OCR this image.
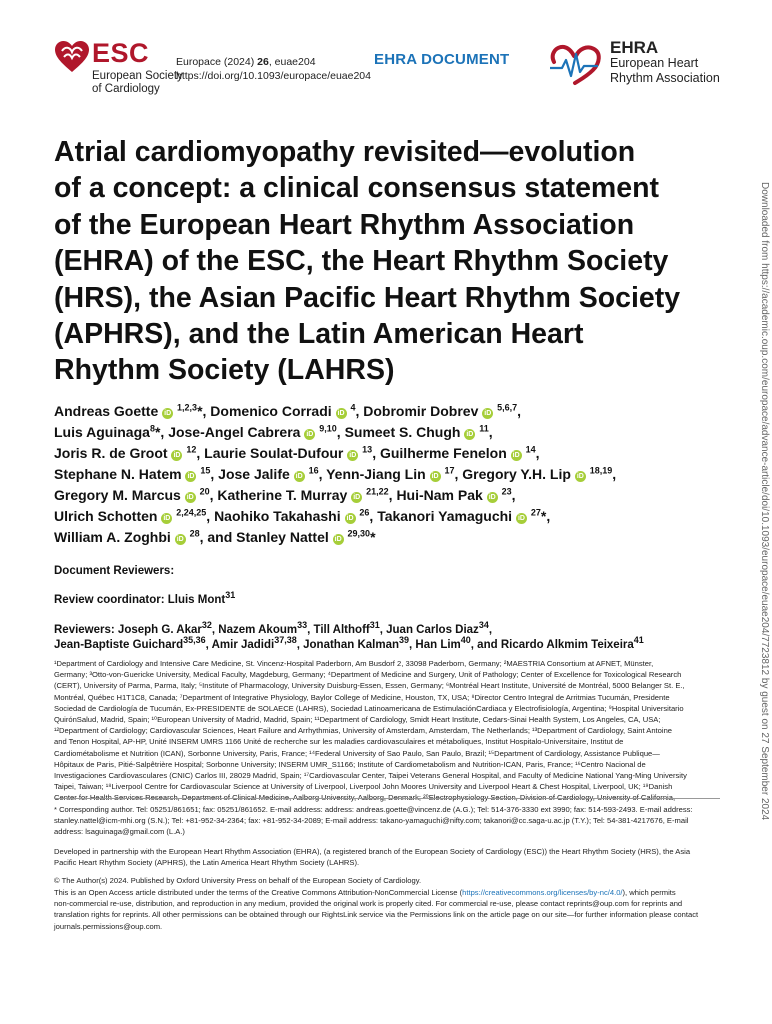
ESC
European Society
of Cardiology
Europace (2024) 26, euae204
https://doi.org/10.1093/europace/euae204
EHRA DOCUMENT
EHRA
European Heart
Rhythm Association
Downloaded from https://academic.oup.com/europace/advance-article/doi/10.1093/europace/euae204/7723812 by guest on 27 September 2024
Atrial cardiomyopathy revisited—evolution
of a concept: a clinical consensus statement
of the European Heart Rhythm Association
(EHRA) of the ESC, the Heart Rhythm Society
(HRS), the Asian Pacific Heart Rhythm Society
(APHRS), and the Latin American Heart
Rhythm Society (LAHRS)

Andreas Goette iD $^{1,2,3}$*, Domenico Corradi iD $^4$, Dobromir Dobrev iD $^{5,6,7}$,

Luis Aguinaga$^8$*, Jose-Angel Cabrera iD $^{9,10}$, Sumeet S. Chugh iD $^{11}$,

Joris R. de Groot iD $^{12}$, Laurie Soulat-Dufour iD $^{13}$, Guilherme Fenelon iD $^{14}$,

Stephane N. Hatem iD $^{15}$, Jose Jalife iD $^{16}$, Yenn-Jiang Lin iD $^{17}$, Gregory Y.H. Lip iD $^{18,19}$,

Gregory M. Marcus iD $^{20}$, Katherine T. Murray iD $^{21,22}$, Hui-Nam Pak iD $^{23}$,

Ulrich Schotten iD $^{2,24,25}$, Naohiko Takahashi iD $^{26}$, Takanori Yamaguchi iD $^{27}$*,

William A. Zoghbi iD $^{28}$, and Stanley Nattel iD $^{29,30}$*

Document Reviewers:
Review coordinator: Lluis Mont$^{31}$

Reviewers: Joseph G. Akar$^{32}$, Nazem Akoum$^{33}$, Till Althoff$^{31}$, Juan Carlos Diaz$^{34}$,

Jean-Baptiste Guichard$^{35,36}$, Amir Jadidi$^{37,38}$, Jonathan Kalman$^{39}$, Han Lim$^{40}$, and Ricardo Alkmim Teixeira$^{41}$

¹Department of Cardiology and Intensive Care Medicine, St. Vincenz-Hospital Paderborn, Am Busdorf 2, 33098 Paderborn, Germany; ²MAESTRIA Consortium at AFNET, Münster,

Germany; ³Otto-von-Guericke University, Medical Faculty, Magdeburg, Germany; ⁴Department of Medicine and Surgery, Unit of Pathology; Center of Excellence for Toxicological Research

(CERT), University of Parma, Parma, Italy; ⁵Institute of Pharmacology, University Duisburg-Essen, Essen, Germany; ⁶Montréal Heart Institute, Université de Montréal, 5000 Belanger St. E.,

Montréal, Québec H1T1C8, Canada; ⁷Department of Integrative Physiology, Baylor College of Medicine, Houston, TX, USA; ⁸Director Centro Integral de Arritmias Tucumán, Presidente

Sociedad de Cardiología de Tucumán, Ex-PRESIDENTE de SOLAECE (LAHRS), Sociedad Latinoamericana de EstimulaciónCardiaca y Electrofisiología, Argentina; ⁹Hospital Universitario

QuirónSalud, Madrid, Spain; ¹⁰European University of Madrid, Madrid, Spain; ¹¹Department of Cardiology, Smidt Heart Institute, Cedars-Sinai Health System, Los Angeles, CA, USA;

¹²Department of Cardiology; Cardiovascular Sciences, Heart Failure and Arrhythmias, University of Amsterdam, Amsterdam, The Netherlands; ¹³Department of Cardiology, Saint Antoine

and Tenon Hospital, AP-HP, Unité INSERM UMRS 1166 Unité de recherche sur les maladies cardiovasculaires et métaboliques, Institut Hospitalo-Universitaire, Institut de

Cardiométabolisme et Nutrition (ICAN), Sorbonne University, Paris, France; ¹⁴Federal University of Sao Paulo, San Paulo, Brazil; ¹⁵Department of Cardiology, Assistance Publique—

Hôpitaux de Paris, Pitié-Salpêtrière Hospital; Sorbonne University; INSERM UMR_S1166; Institute of Cardiometabolism and Nutrition-ICAN, Paris, France; ¹⁶Centro Nacional de

Investigaciones Cardiovasculares (CNIC) Carlos III, 28029 Madrid, Spain; ¹⁷Cardiovascular Center, Taipei Veterans General Hospital, and Faculty of Medicine National Yang-Ming University

Taipei, Taiwan; ¹⁸Liverpool Centre for Cardiovascular Science at University of Liverpool, Liverpool John Moores University and Liverpool Heart & Chest Hospital, Liverpool, UK; ¹⁹Danish

Center for Health Services Research, Department of Clinical Medicine, Aalborg University, Aalborg, Denmark; ²⁰Electrophysiology Section, Division of Cardiology, University of California,

* Corresponding author. Tel: 05251/861651; fax: 05251/861652. E-mail address: address: andreas.goette@vincenz.de (A.G.); Tel: 514-376-3330 ext 3990; fax: 514-593-2493. E-mail address:

stanley.nattel@icm-mhi.org (S.N.); Tel: +81-952-34-2364; fax: +81-952-34-2089; E-mail address: takano-yamaguchi@nifty.com; takanori@cc.saga-u.ac.jp (T.Y.); Tel: 54-381-4217676, E-mail

address: lsaguinaga@gmail.com (L.A.)

Developed in partnership with the European Heart Rhythm Association (EHRA), (a registered branch of the European Society of Cardiology (ESC)) the Heart Rhythm Society (HRS), the Asia

Pacific Heart Rhythm Society (APHRS), the Latin America Heart Rhythm Society (LAHRS).

© The Author(s) 2024. Published by Oxford University Press on behalf of the European Society of Cardiology.

This is an Open Access article distributed under the terms of the Creative Commons Attribution-NonCommercial License (https://creativecommons.org/licenses/by-nc/4.0/), which permits

non-commercial re-use, distribution, and reproduction in any medium, provided the original work is properly cited. For commercial re-use, please contact reprints@oup.com for reprints and

translation rights for reprints. All other permissions can be obtained through our RightsLink service via the Permissions link on the article page on our site—for further information please contact

journals.permissions@oup.com.
